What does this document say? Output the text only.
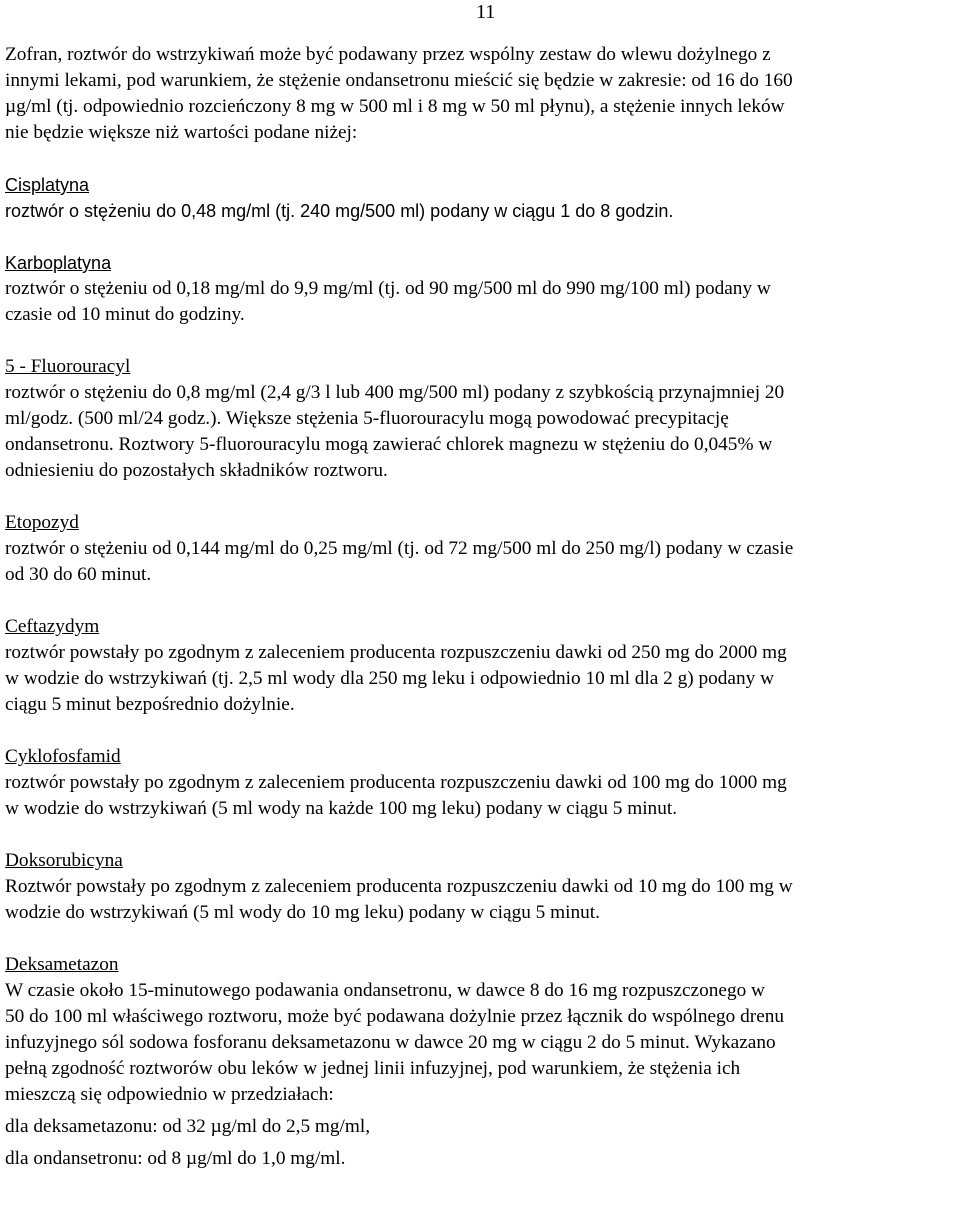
11
Zofran, roztwór do wstrzykiwań może być podawany przez wspólny zestaw do wlewu dożylnego z
innymi lekami, pod warunkiem, że stężenie ondansetronu mieścić się będzie w zakresie: od 16 do 160
µg/ml (tj. odpowiednio rozcieńczony 8 mg w 500 ml i 8 mg w 50 ml płynu), a stężenie innych leków
nie będzie większe niż wartości podane niżej:
Cisplatyna
roztwór o stężeniu do 0,48 mg/ml (tj. 240 mg/500 ml) podany w ciągu 1 do 8 godzin.
Karboplatyna
roztwór o stężeniu od 0,18 mg/ml do 9,9 mg/ml (tj. od 90 mg/500 ml do 990 mg/100 ml) podany w
czasie od 10 minut do godziny.
5 - Fluorouracyl
roztwór o stężeniu do 0,8 mg/ml (2,4 g/3 l lub 400 mg/500 ml) podany z szybkością przynajmniej 20
ml/godz. (500 ml/24 godz.). Większe stężenia 5-fluorouracylu mogą powodować precypitację
ondansetronu. Roztwory 5-fluorouracylu mogą zawierać chlorek magnezu w stężeniu do 0,045% w
odniesieniu do pozostałych składników roztworu.
Etopozyd
roztwór o stężeniu od 0,144 mg/ml do 0,25 mg/ml (tj. od 72 mg/500 ml do 250 mg/l) podany w czasie
od 30 do 60 minut.
Ceftazydym
roztwór powstały po zgodnym z zaleceniem producenta rozpuszczeniu dawki od 250 mg do 2000 mg
w wodzie do wstrzykiwań (tj. 2,5 ml wody dla 250 mg leku i odpowiednio 10 ml dla 2 g) podany w
ciągu 5 minut bezpośrednio dożylnie.
Cyklofosfamid
roztwór powstały po zgodnym z zaleceniem producenta rozpuszczeniu dawki od 100 mg do 1000 mg
w wodzie do wstrzykiwań (5 ml wody na każde 100 mg leku) podany w ciągu 5 minut.
Doksorubicyna
Roztwór powstały po zgodnym z zaleceniem producenta rozpuszczeniu dawki od 10 mg do 100 mg w
wodzie do wstrzykiwań (5 ml wody do 10 mg leku) podany w ciągu 5 minut.
Deksametazon
W czasie około 15-minutowego podawania ondansetronu, w dawce 8 do 16 mg rozpuszczonego w
50 do 100 ml właściwego roztworu, może być podawana dożylnie przez łącznik do wspólnego drenu
infuzyjnego sól sodowa fosforanu deksametazonu w dawce 20 mg w ciągu 2 do 5 minut. Wykazano
pełną zgodność roztworów obu leków w jednej linii infuzyjnej, pod warunkiem, że stężenia ich
mieszczą się odpowiednio w przedziałach:
dla deksametazonu: od 32 µg/ml do 2,5 mg/ml,
dla ondansetronu: od 8 µg/ml do 1,0 mg/ml.
